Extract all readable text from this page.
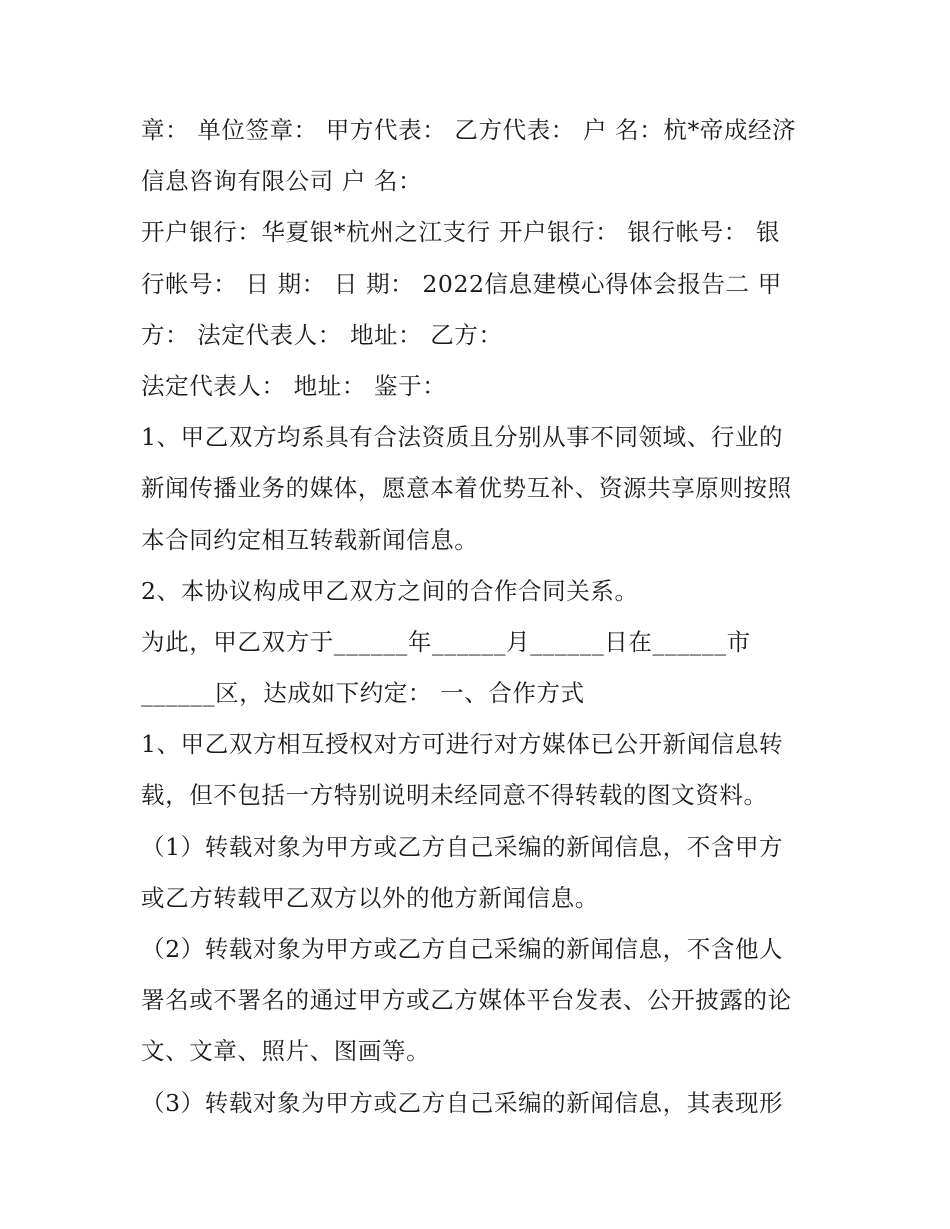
章： 单位签章： 甲方代表： 乙方代表： 户 名：杭*帝成经济
信息咨询有限公司 户 名：
开户银行：华夏银*杭州之江支行 开户银行： 银行帐号： 银
行帐号： 日 期： 日 期： 2022信息建模心得体会报告二 甲
方： 法定代表人： 地址： 乙方：
法定代表人： 地址： 鉴于：
1、甲乙双方均系具有合法资质且分别从事不同领域、行业的
新闻传播业务的媒体，愿意本着优势互补、资源共享原则按照
本合同约定相互转载新闻信息。
2、本协议构成甲乙双方之间的合作合同关系。
为此，甲乙双方于______年______月______日在______市
______区，达成如下约定： 一、合作方式
1、甲乙双方相互授权对方可进行对方媒体已公开新闻信息转
载，但不包括一方特别说明未经同意不得转载的图文资料。
（1）转载对象为甲方或乙方自己采编的新闻信息，不含甲方
或乙方转载甲乙双方以外的他方新闻信息。
（2）转载对象为甲方或乙方自己采编的新闻信息，不含他人
署名或不署名的通过甲方或乙方媒体平台发表、公开披露的论
文、文章、照片、图画等。
（3）转载对象为甲方或乙方自己采编的新闻信息，其表现形
